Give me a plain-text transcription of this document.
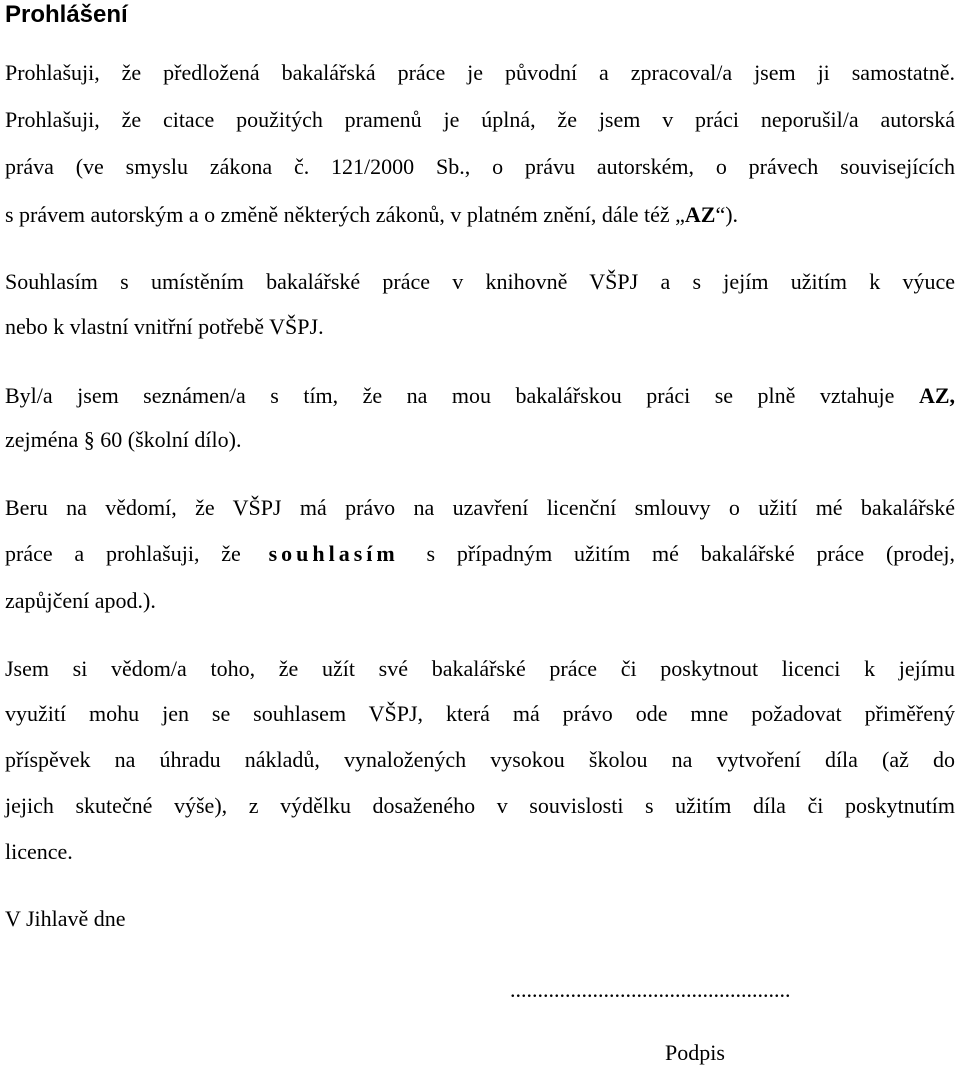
Prohlášení
Prohlašuji, že předložená bakalářská práce je původní a zpracoval/a jsem ji samostatně.
Prohlašuji, že citace použitých pramenů je úplná, že jsem v práci neporušil/a autorská
práva (ve smyslu zákona č. 121/2000 Sb., o právu autorském, o právech souvisejících
s právem autorským a o změně některých zákonů, v platném znění, dále též „AZ“).
Souhlasím s umístěním bakalářské práce v knihovně VŠPJ a s jejím užitím k výuce
nebo k vlastní vnitřní potřebě VŠPJ.
Byl/a jsem seznámen/a s tím, že na mou bakalářskou práci se plně vztahuje AZ,
zejména § 60 (školní dílo).
Beru na vědomí, že VŠPJ má právo na uzavření licenční smlouvy o užití mé bakalářské
práce a prohlašuji, že souhlasím s případným užitím mé bakalářské práce (prodej,
zapůjčení apod.).
Jsem si vědom/a toho, že užít své bakalářské práce či poskytnout licenci k jejímu
využití mohu jen se souhlasem VŠPJ, která má právo ode mne požadovat přiměřený
příspěvek na úhradu nákladů, vynaložených vysokou školou na vytvoření díla (až do
jejich skutečné výše), z výdělku dosaženého v souvislosti s užitím díla či poskytnutím
licence.
V Jihlavě dne
...................................................
Podpis
